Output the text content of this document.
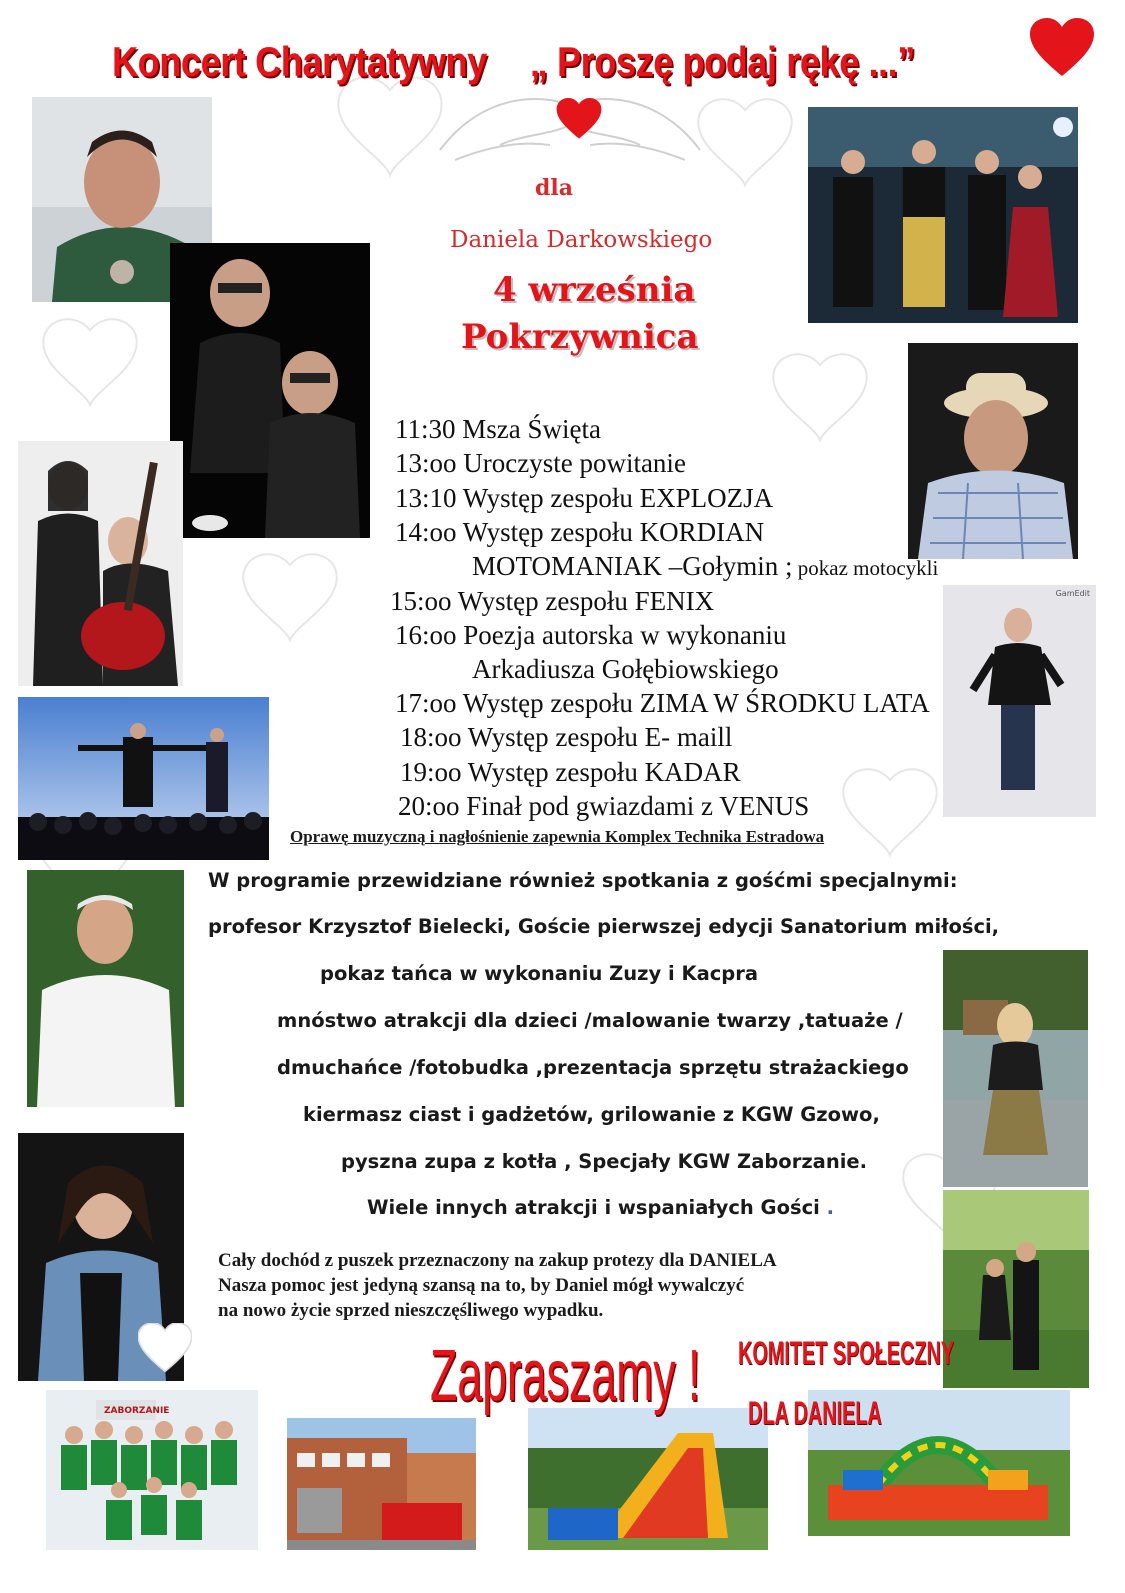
Koncert Charytatywny „ Proszę podaj rękę ...”
dla
Daniela Darkowskiego
4 września
Pokrzywnica
GamEdit
ZABORZANIE
11:30 Msza Święta
13:oo Uroczyste powitanie
13:10 Występ zespołu EXPLOZJA
14:oo Występ zespołu KORDIAN
MOTOMANIAK –Gołymin ; pokaz motocykli
15:oo Występ zespołu FENIX
16:oo Poezja autorska w wykonaniu
Arkadiusza Gołębiowskiego
17:oo Występ zespołu ZIMA W ŚRODKU LATA
18:oo Występ zespołu E- maill
19:oo Występ zespołu KADAR
20:oo Finał pod gwiazdami z VENUS
Oprawę muzyczną i nagłośnienie zapewnia Komplex Technika Estradowa
W programie przewidziane również spotkania z gośćmi specjalnymi:
profesor Krzysztof Bielecki, Goście pierwszej edycji Sanatorium miłości,
pokaz tańca w wykonaniu Zuzy i Kacpra
mnóstwo atrakcji dla dzieci /malowanie twarzy ,tatuaże /
dmuchańce /fotobudka ,prezentacja sprzętu strażackiego
kiermasz ciast i gadżetów, grilowanie z KGW Gzowo,
pyszna zupa z kotła , Specjały KGW Zaborzanie.
Wiele innych atrakcji i wspaniałych Gości .
Cały dochód z puszek przeznaczony na zakup protezy dla DANIELA
Nasza pomoc jest jedyną szansą na to, by Daniel mógł wywalczyć
na nowo życie sprzed nieszczęśliwego wypadku.
Zapraszamy ! KOMITET SPOŁECZNY
DLA DANIELA
